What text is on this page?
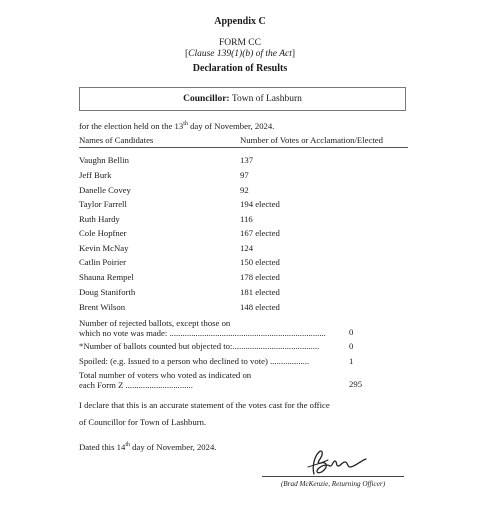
Appendix C
FORM CC
[Clause 139(1)(b) of the Act]
Declaration of Results
Councillor: Town of Lashburn
for the election held on the 13th day of November, 2024.
Names of Candidates	Number of Votes or Acclamation/Elected
Vaughn Bellin	137
Jeff Burk	97
Danelle Covey	92
Taylor Farrell	194 elected
Ruth Hardy	116
Cole Hopfner	167 elected
Kevin McNay	124
Catlin Poirier	150 elected
Shauna Rempel	178 elected
Doug Staniforth	181 elected
Brent Wilson	148 elected
Number of rejected ballots, except those on
which no vote was made: ........................................................................	0
*Number of ballots counted but objected to:........................................	0
Spoiled: (e.g. Issued to a person who declined to vote) ..................	1
Total number of voters who voted as indicated on
each Form Z ...............................	295
I declare that this is an accurate statement of the votes cast for the office
of Councillor for Town of Lashburn.
Dated this 14th day of November, 2024.
(Brad McKenzie, Returning Officer)
